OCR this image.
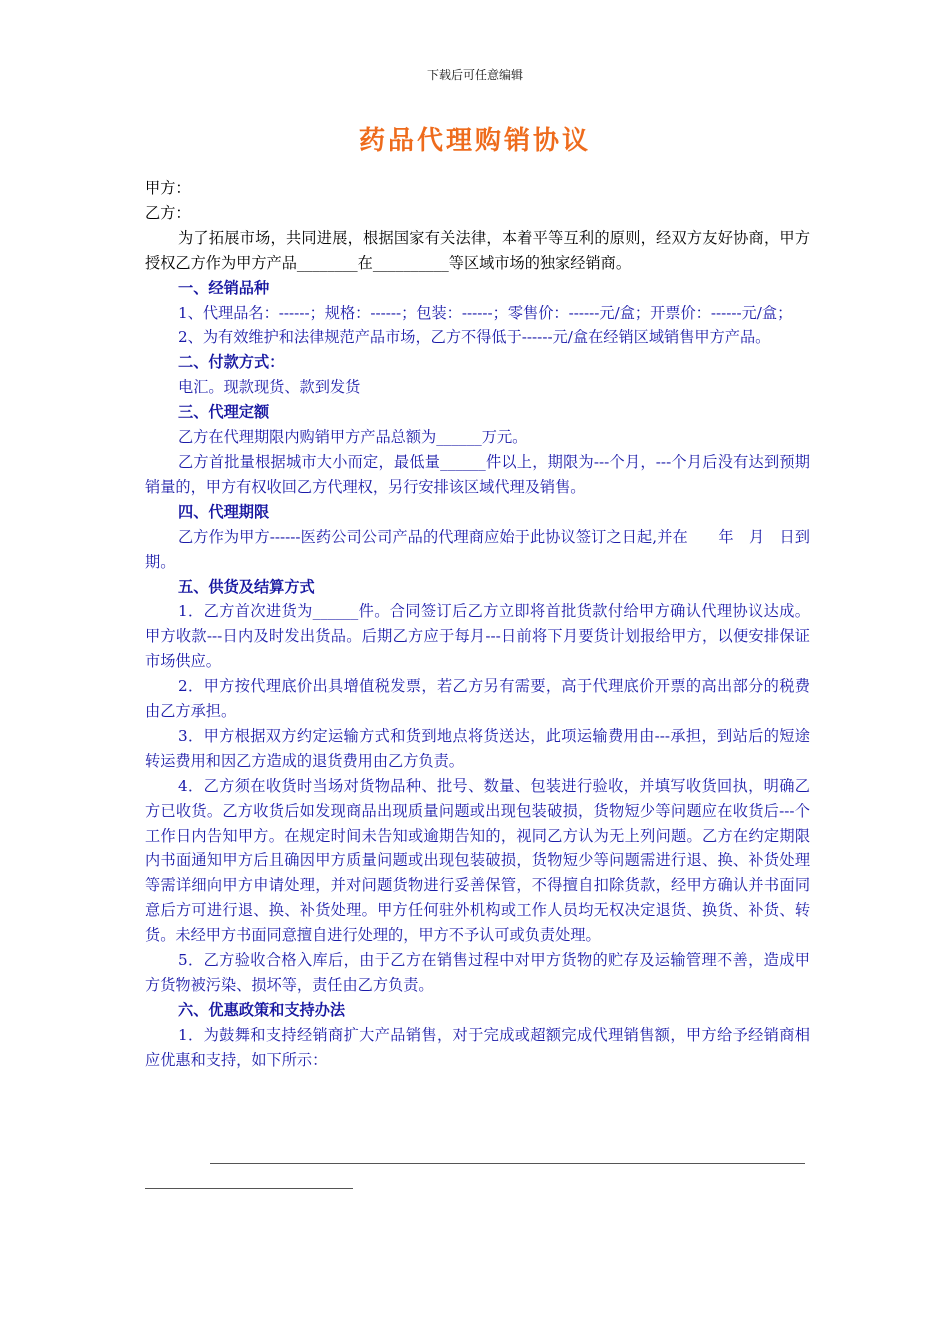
下载后可任意编辑
药品代理购销协议

甲方：

乙方：

为了拓展市场，共同进展，根据国家有关法律，本着平等互利的原则，经双方友好协商，甲方授权乙方作为甲方产品________在__________等区域市场的独家经销商。

一、经销品种

1、代理品名：------；规格：------；包装：------；零售价：------元/盒；开票价：------元/盒；

2、为有效维护和法律规范产品市场，乙方不得低于------元/盒在经销区域销售甲方产品。

二、付款方式：

电汇。现款现货、款到发货

三、代理定额

乙方在代理期限内购销甲方产品总额为______万元。

乙方首批量根据城市大小而定，最低量______件以上，期限为---个月，---个月后没有达到预期销量的，甲方有权收回乙方代理权，另行安排该区域代理及销售。

四、代理期限

乙方作为甲方------医药公司公司产品的代理商应始于此协议签订之日起,并在　　年　月　日到期。

五、供货及结算方式

1．乙方首次进货为______件。合同签订后乙方立即将首批货款付给甲方确认代理协议达成。甲方收款---日内及时发出货品。后期乙方应于每月---日前将下月要货计划报给甲方，以便安排保证市场供应。

2．甲方按代理底价出具增值税发票，若乙方另有需要，高于代理底价开票的高出部分的税费由乙方承担。

3．甲方根据双方约定运输方式和货到地点将货送达，此项运输费用由---承担，到站后的短途转运费用和因乙方造成的退货费用由乙方负责。

4．乙方须在收货时当场对货物品种、批号、数量、包装进行验收，并填写收货回执，明确乙方已收货。乙方收货后如发现商品出现质量问题或出现包装破损，货物短少等问题应在收货后---个工作日内告知甲方。在规定时间未告知或逾期告知的，视同乙方认为无上列问题。乙方在约定期限内书面通知甲方后且确因甲方质量问题或出现包装破损，货物短少等问题需进行退、换、补货处理等需详细向甲方申请处理，并对问题货物进行妥善保管，不得擅自扣除货款，经甲方确认并书面同意后方可进行退、换、补货处理。甲方任何驻外机构或工作人员均无权决定退货、换货、补货、转货。未经甲方书面同意擅自进行处理的，甲方不予认可或负责处理。

5．乙方验收合格入库后，由于乙方在销售过程中对甲方货物的贮存及运输管理不善，造成甲方货物被污染、损坏等，责任由乙方负责。

六、优惠政策和支持办法

1．为鼓舞和支持经销商扩大产品销售，对于完成或超额完成代理销售额，甲方给予经销商相应优惠和支持，如下所示：
